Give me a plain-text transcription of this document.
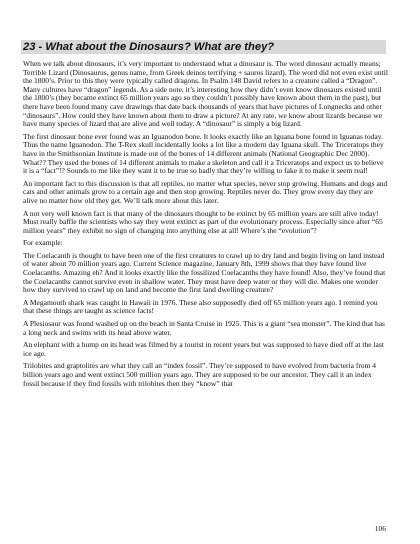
23 - What about the Dinosaurs? What are they?

When we talk about dinosaurs, it’s very important to understand what a dinosaur is. The word dinosaur actually means; Terrible Lizard (Dinosaurus, genus name, from Greek deinos terrifying + sauros lizard). The word did not even exist until the 1800’s. Prior to this they were typically called dragons. In Psalm 148 David refers to a creature called a “Dragon”. Many cultures have “dragon” legends. As a side note, it’s interesting how they didn’t even know dinosaurs existed until the 1800’s (they became extinct 65 million years ago so they couldn’t possibly have known about them in the past), but there have been found many cave drawings that date back thousands of years that have pictures of Longnecks and other “dinosaurs”. How could they have known about them to draw a picture? At any rate, we know about lizards because we have many species of lizard that are alive and well today. A “dinosaur” is simply a big lizard.

The first dinosaur bone ever found was an Iguanodon bone. It looks exactly like an Iguana bone found in Iguanas today. Thus the name Iguanodon. The T-Rex skull incidentally looks a lot like a modern day Iguana skull. The Triceratops they have in the Smithsonian Institute is made out of the bones of 14 different animals (National Geographic Dec 2000). What?? They used the bones of 14 different animals to make a skeleton and call it a Triceratops and expect us to believe it is a “fact”!? Sounds to me like they want it to be true so badly that they’re willing to fake it to make it seem real!

An important fact to this discussion is that all reptiles, no matter what species, never stop growing. Humans and dogs and cats and other animals grow to a certain age and then stop growing. Reptiles never do. They grow every day they are alive no matter how old they get. We’ll talk more about this later.

A not very well known fact is that many of the dinosaurs thought to be extinct by 65 million years are still alive today! Must really baffle the scientists who say they went extinct as part of the evolutionary process. Especially since after “65 million years” they exhibit no sign of changing into anything else at all! Where’s the “evolution”?

For example:

The Coelacanth is thought to have been one of the first creatures to crawl up to dry land and begin living on land instead of water about 70 million years ago. Current Science magazine, January 8th, 1999 shows that they have found live Coelacanths. Amazing eh? And it looks exactly like the fossilized Coelacanths they have found! Also, they’ve found that the Coelacanths cannot survive even in shallow water. They must have deep water or they will die. Makes one wonder how they survived to crawl up on land and become the first land dwelling creature?

A Megamouth shark was caught in Hawaii in 1976. These also supposedly died off 65 million years ago. I remind you that these things are taught as science facts!

A Plesiosaur was found washed up on the beach in Santa Cruise in 1925. This is a giant “sea monster”. The kind that has a long neck and swims with its head above water.

An elephant with a hump on its head was filmed by a tourist in recent years but was supposed to have died off at the last ice age.

Trilobites and graptolites are what they call an “index fossil”. They’re supposed to have evolved from bacteria from 4 billion years ago and went extinct 500 million years ago. They are supposed to be our ancestor. They call it an index fossil because if they find fossils with trilobites then they “know” that

106
